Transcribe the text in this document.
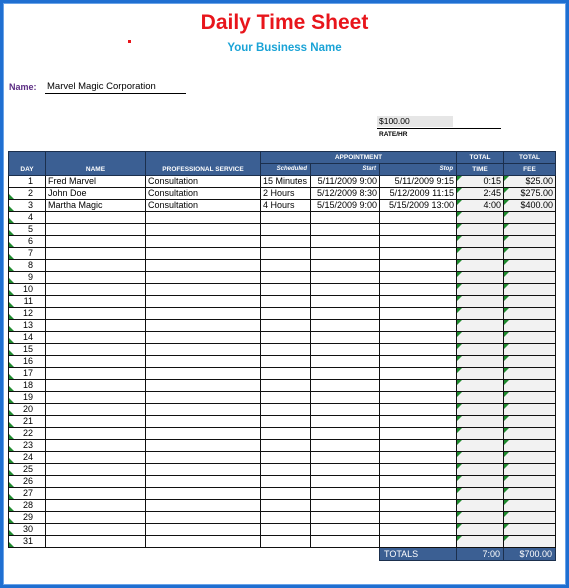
Daily Time Sheet
Your Business Name
Name: Marvel Magic Corporation
$100.00
RATE/HR
DAY	NAME	PROFESSIONAL SERVICE	APPOINTMENT			TOTAL	TOTAL
			Scheduled	Start	Stop	TIME	FEE

1	Fred Marvel	Consultation	15 Minutes	5/11/2009 9:00	5/11/2009 9:15	0:15	$25.00

2	John Doe	Consultation	2 Hours	5/12/2009 8:30	5/12/2009 11:15	2:45	$275.00

3	Martha Magic	Consultation	4 Hours	5/15/2009 9:00	5/15/2009 13:00	4:00	$400.00

4

5

6

7

8

9

10

11

12

13

14

15

16

17

18

19

20

21

22

23

24

25

26

27

28

29

30

31

					TOTALS	7:00	$700.00
